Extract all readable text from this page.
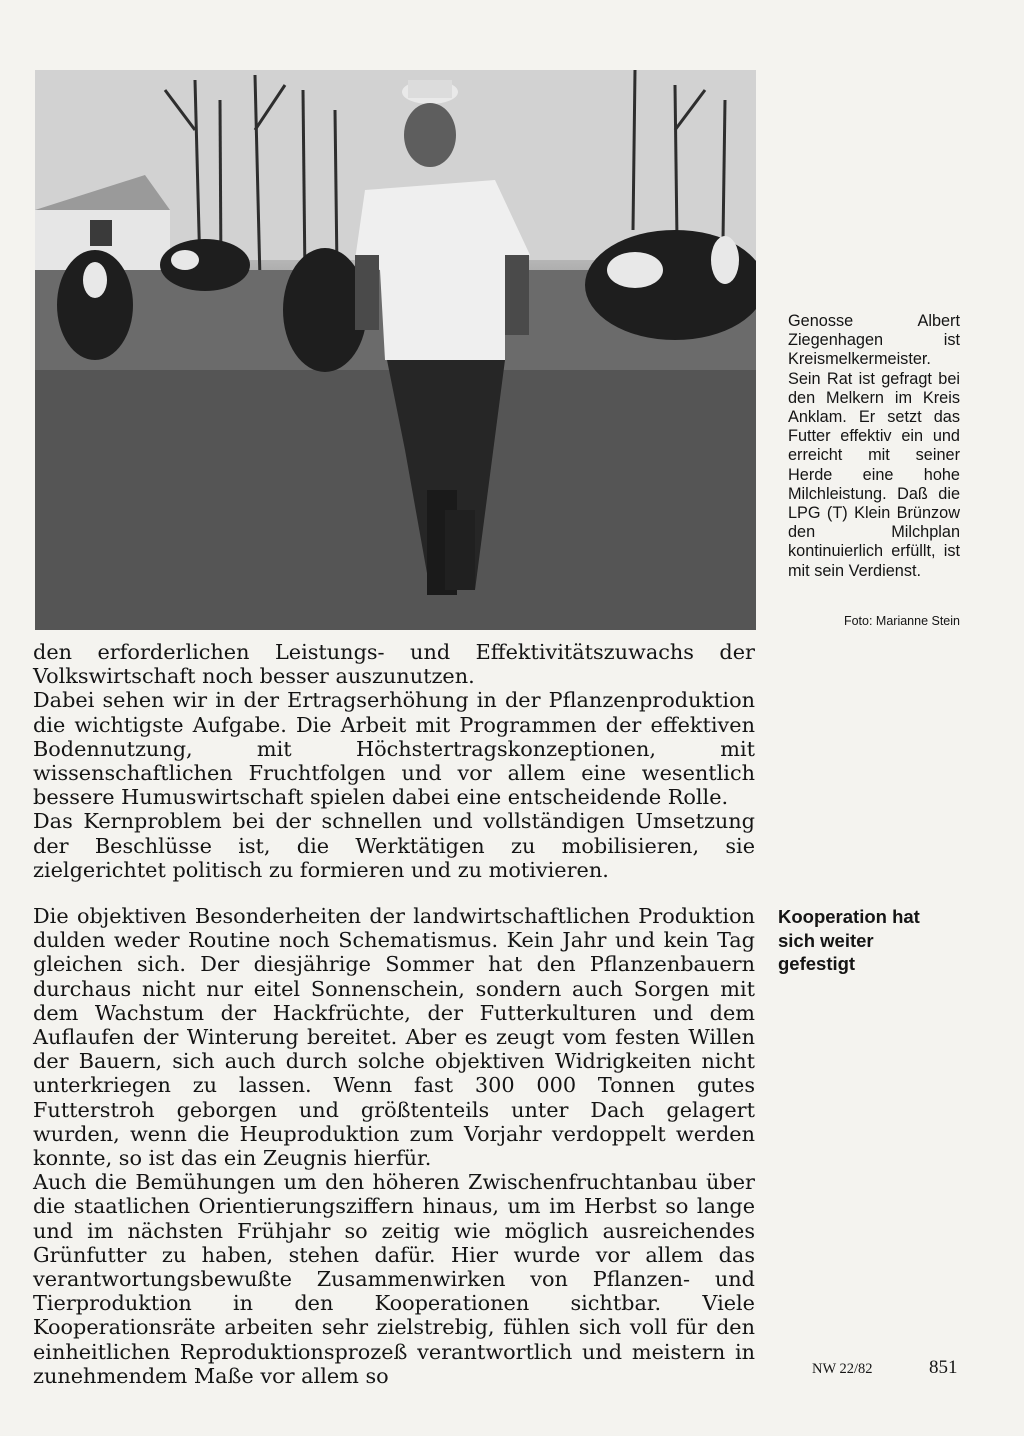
Genosse Albert Ziegenhagen ist Kreismelkermeister. Sein Rat ist gefragt bei den Melkern im Kreis Anklam. Er setzt das Futter effektiv ein und erreicht mit seiner Herde eine hohe Milchleistung. Daß die LPG (T) Klein Brünzow den Milchplan kontinuierlich erfüllt, ist mit sein Verdienst.
Foto: Marianne Stein

den erforderlichen Leistungs- und Effektivitätszuwachs der Volkswirtschaft noch besser auszunutzen.

Dabei sehen wir in der Ertragserhöhung in der Pflanzenproduktion die wichtigste Aufgabe. Die Arbeit mit Programmen der effektiven Bodennutzung, mit Höchstertragskonzeptionen, mit wissenschaftlichen Fruchtfolgen und vor allem eine wesentlich bessere Humuswirtschaft spielen dabei eine entscheidende Rolle.

Das Kernproblem bei der schnellen und vollständigen Umsetzung der Beschlüsse ist, die Werktätigen zu mobilisieren, sie zielgerichtet politisch zu formieren und zu motivieren.

Die objektiven Besonderheiten der landwirtschaftlichen Produktion dulden weder Routine noch Schematismus. Kein Jahr und kein Tag gleichen sich. Der diesjährige Sommer hat den Pflanzenbauern durchaus nicht nur eitel Sonnenschein, sondern auch Sorgen mit dem Wachstum der Hackfrüchte, der Futterkulturen und dem Auflaufen der Winterung bereitet. Aber es zeugt vom festen Willen der Bauern, sich auch durch solche objektiven Widrigkeiten nicht unterkriegen zu lassen. Wenn fast 300 000 Tonnen gutes Futterstroh geborgen und größtenteils unter Dach gelagert wurden, wenn die Heuproduktion zum Vorjahr verdoppelt werden konnte, so ist das ein Zeugnis hierfür.

Auch die Bemühungen um den höheren Zwischenfruchtanbau über die staatlichen Orientierungsziffern hinaus, um im Herbst so lange und im nächsten Frühjahr so zeitig wie möglich ausreichendes Grünfutter zu haben, stehen dafür. Hier wurde vor allem das verantwortungsbewußte Zusammenwirken von Pflanzen- und Tierproduktion in den Kooperationen sichtbar. Viele Kooperationsräte arbeiten sehr zielstrebig, fühlen sich voll für den einheitlichen Reproduktionsprozeß verantwortlich und meistern in zunehmendem Maße vor allem so

Kooperation hat sich weiter gefestigt
NW 22/82	851
